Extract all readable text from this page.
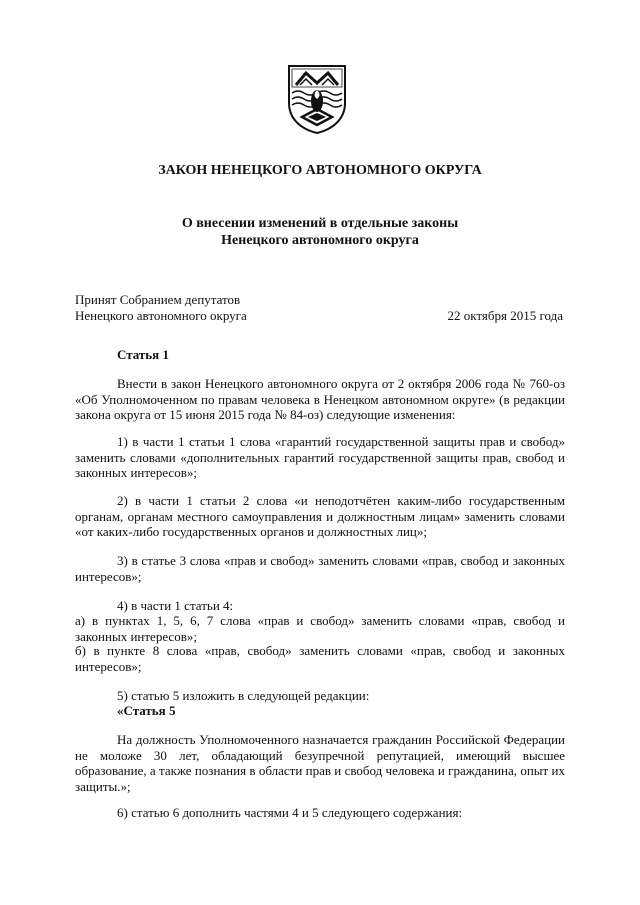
ЗАКОН НЕНЕЦКОГО АВТОНОМНОГО ОКРУГА
О внесении изменений в отдельные законы
Ненецкого автономного округа
Принят Собранием депутатов
Ненецкого автономного округа	22 октября 2015 года
Статья 1

Внести в закон Ненецкого автономного округа от 2 октября 2006 года № 760-оз «Об Уполномоченном по правам человека в Ненецком автономном округе» (в редакции закона округа от 15 июня 2015 года № 84-оз) следующие изменения:

1) в части 1 статьи 1 слова «гарантий государственной защиты прав и свобод» заменить словами «дополнительных гарантий государственной защиты прав, свобод и законных интересов»;

2) в части 1 статьи 2 слова «и неподотчётен каким-либо государственным органам, органам местного самоуправления и должностным лицам» заменить словами «от каких-либо государственных органов и должностных лиц»;

3) в статье 3 слова «прав и свобод» заменить словами «прав, свобод и законных интересов»;

4) в части 1 статьи 4:

а) в пунктах 1, 5, 6, 7 слова «прав и свобод» заменить словами «прав, свобод и законных интересов»;

б) в пункте 8 слова «прав, свобод» заменить словами «прав, свобод и законных интересов»;

5) статью 5 изложить в следующей редакции:

«Статья 5

На должность Уполномоченного назначается гражданин Российской Федерации не моложе 30 лет, обладающий безупречной репутацией, имеющий высшее образование, а также познания в области прав и свобод человека и гражданина, опыт их защиты.»;

6) статью 6 дополнить частями 4 и 5 следующего содержания:
